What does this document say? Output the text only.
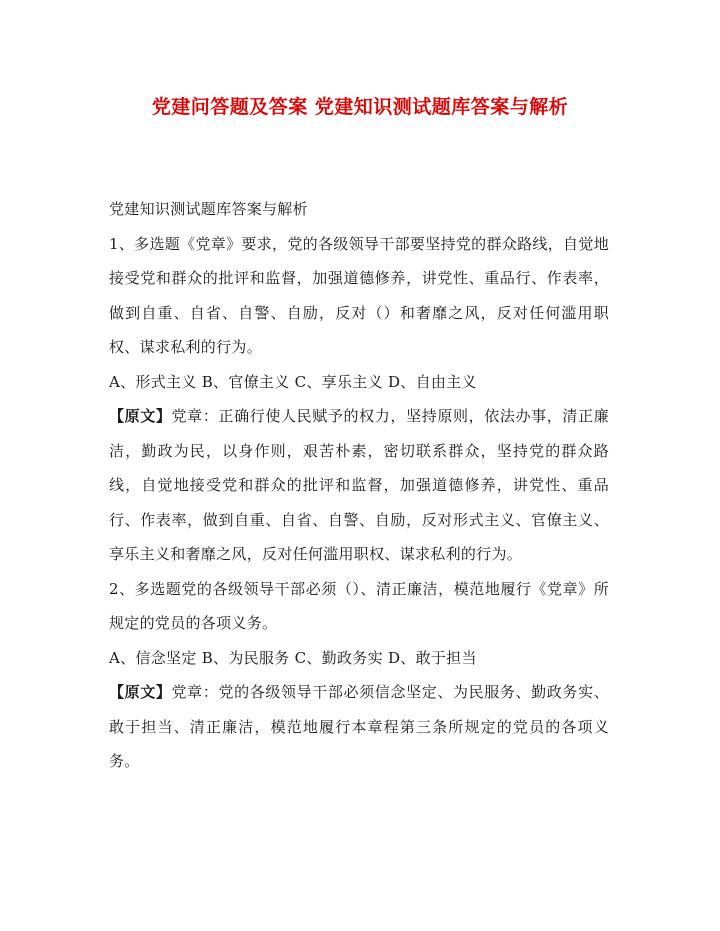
党建问答题及答案 党建知识测试题库答案与解析

党建知识测试题库答案与解析

1、多选题《党章》要求，党的各级领导干部要坚持党的群众路线，自觉地接受党和群众的批评和监督，加强道德修养，讲党性、重品行、作表率，做到自重、自省、自警、自励，反对（）和奢靡之风，反对任何滥用职权、谋求私利的行为。

A、形式主义 B、官僚主义 C、享乐主义 D、自由主义

【原文】党章：正确行使人民赋予的权力，坚持原则，依法办事，清正廉洁，勤政为民，以身作则，艰苦朴素，密切联系群众，坚持党的群众路线，自觉地接受党和群众的批评和监督，加强道德修养，讲党性、重品行、作表率，做到自重、自省、自警、自励，反对形式主义、官僚主义、享乐主义和奢靡之风，反对任何滥用职权、谋求私利的行为。

2、多选题党的各级领导干部必须（）、清正廉洁，模范地履行《党章》所规定的党员的各项义务。

A、信念坚定 B、为民服务 C、勤政务实 D、敢于担当

【原文】党章：党的各级领导干部必须信念坚定、为民服务、勤政务实、敢于担当、清正廉洁，模范地履行本章程第三条所规定的党员的各项义务。
